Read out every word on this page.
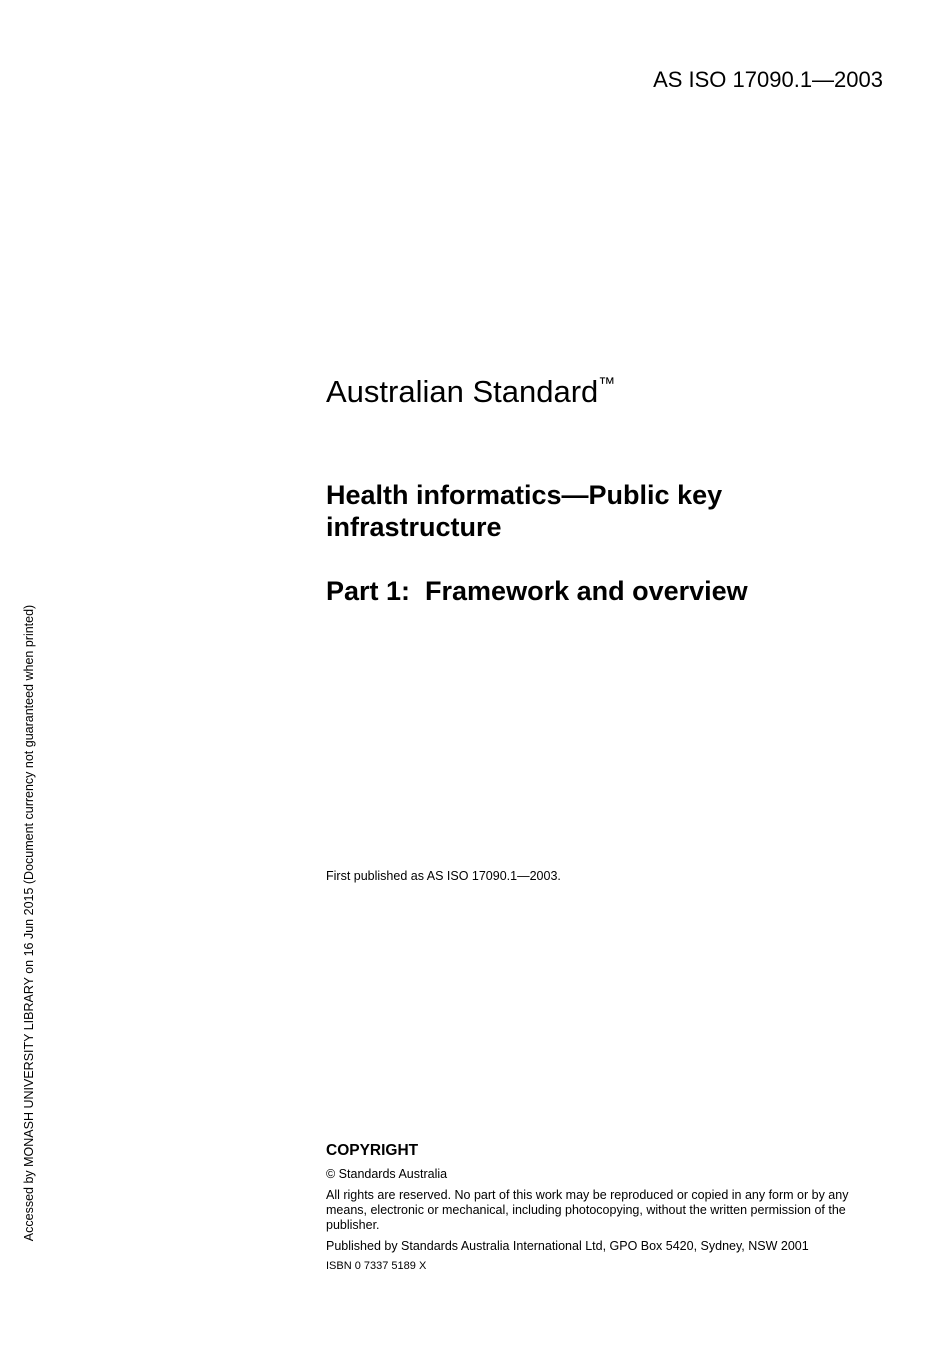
AS ISO 17090.1—2003
Australian Standard™
Health informatics—Public key
infrastructure
Part 1:  Framework and overview
First published as AS ISO 17090.1—2003.
COPYRIGHT
© Standards Australia
All rights are reserved. No part of this work may be reproduced or copied in any form or by any means, electronic or mechanical, including photocopying, without the written permission of the publisher.
Published by Standards Australia International Ltd, GPO Box 5420, Sydney, NSW 2001
ISBN 0 7337 5189 X
Accessed by MONASH UNIVERSITY LIBRARY on 16 Jun 2015 (Document currency not guaranteed when printed)
